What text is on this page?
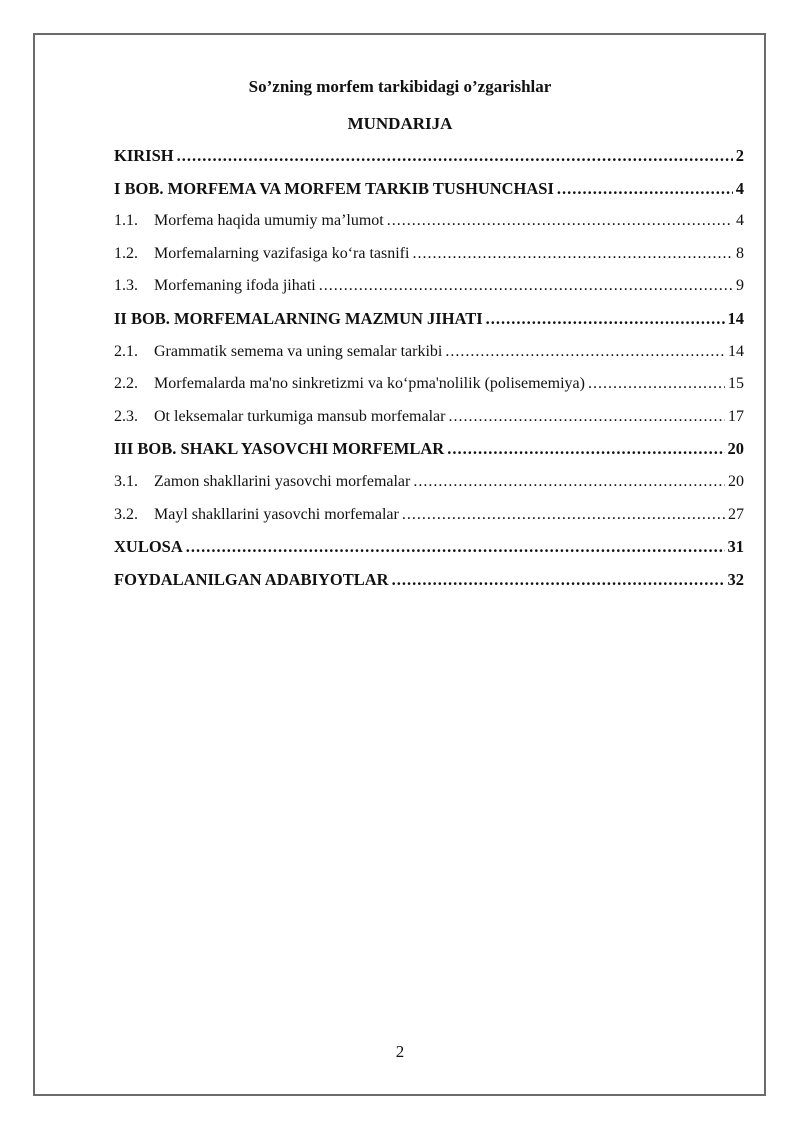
So’zning morfem tarkibidagi o’zgarishlar
MUNDARIJA
KIRISH .....	2
I BOB. MORFEMA VA MORFEM TARKIB TUSHUNCHASI .....	4
1.1.	Morfema haqida umumiy ma’lumot .....	4
1.2.	Morfemalarning vazifasiga koʻra tasnifi .....	8
1.3.	Morfemaning ifoda jihati .....	9
II BOB. MORFEMALARNING MAZMUN JIHATI .....	14
2.1.	Grammatik semema va uning semalar tarkibi .....	14
2.2.	Morfemalarda ma'no sinkretizmi va koʻpma'nolilik (polisememiya) .....	15
2.3.	Ot leksemalar turkumiga mansub morfemalar .....	17
III BOB. SHAKL YASOVCHI MORFEMLAR .....	20
3.1.	Zamon shakllarini yasovchi morfemalar .....	20
3.2.	Mayl shakllarini yasovchi morfemalar .....	27
XULOSA .....	31
FOYDALANILGAN ADABIYOTLAR .....	32
2
